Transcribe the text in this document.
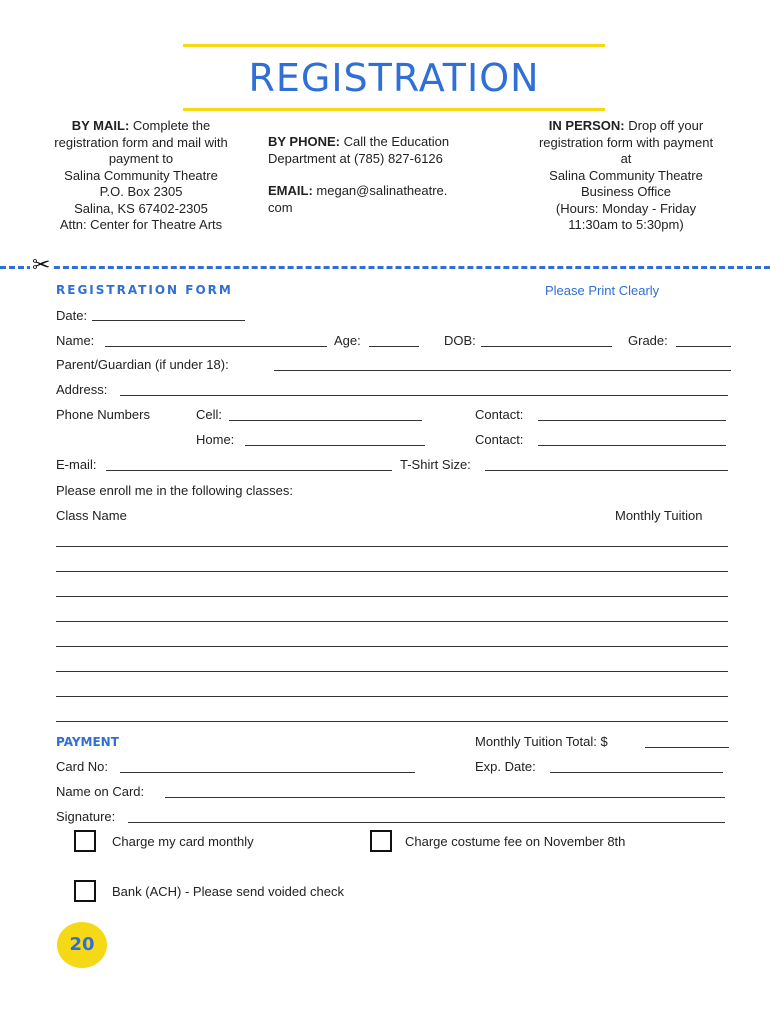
REGISTRATION
BY MAIL: Complete the
registration form and mail with
payment to
Salina Community Theatre
P.O. Box 2305
Salina, KS 67402-2305
Attn: Center for Theatre Arts
BY PHONE: Call the Education
Department at (785) 827-6126
EMAIL: megan@salinatheatre.
com
IN PERSON: Drop off your
registration form with payment
at
Salina Community Theatre
Business Office
(Hours: Monday - Friday
11:30am to 5:30pm)
✂
REGISTRATION FORM	Please Print Clearly
Date:
Name:	Age:	DOB:	Grade:
Parent/Guardian (if under 18):
Address:
Phone Numbers	Cell:	Contact:
Home:	Contact:
E-mail:	T-Shirt Size:
Please enroll me in the following classes:
Class Name	Monthly Tuition
PAYMENT	Monthly Tuition Total: $
Card No:	Exp. Date:
Name on Card:
Signature:
Charge my card monthly	Charge costume fee on November 8th
Bank (ACH) - Please send voided check
20
